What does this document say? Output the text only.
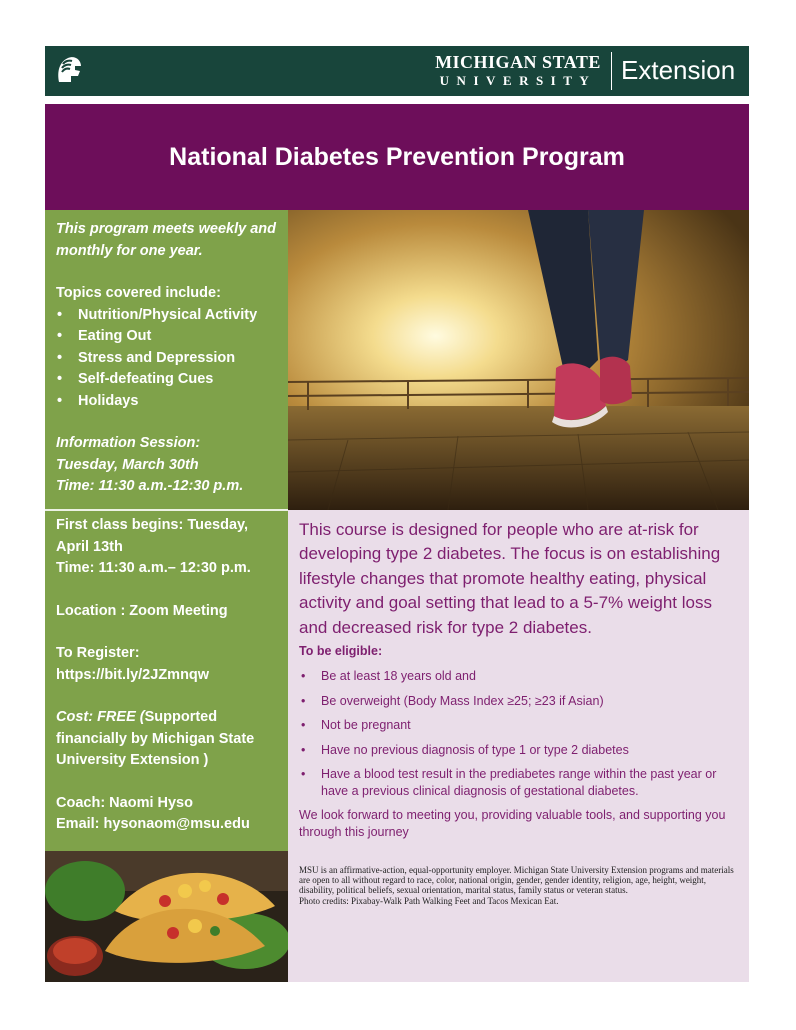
MICHIGAN STATE
UNIVERSITY Extension
National Diabetes Prevention Program
This program meets weekly and monthly for one year.
Topics covered include:
• Nutrition/Physical Activity
• Eating Out
• Stress and Depression
• Self-defeating Cues
• Holidays
Information Session:
Tuesday, March 30th
Time: 11:30 a.m.-12:30 p.m.
First class begins: Tuesday, April 13th
Time: 11:30 a.m.– 12:30 p.m.
Location : Zoom Meeting
To Register:
https://bit.ly/2JZmnqw
Cost: FREE (Supported financially by Michigan State University Extension )
Coach: Naomi Hyso
Email: hysonaom@msu.edu

This course is designed for people who are at-risk for developing type 2 diabetes. The focus is on establishing lifestyle changes that promote healthy eating, physical activity and goal setting that lead to a 5-7% weight loss and decreased risk for type 2 diabetes.

To be eligible:

• Be at least 18 years old and
• Be overweight (Body Mass Index ≥25; ≥23 if Asian)
• Not be pregnant
• Have no previous diagnosis of type 1 or type 2 diabetes
• Have a blood test result in the prediabetes range within the past year or have a previous clinical diagnosis of gestational diabetes.

We look forward to meeting you, providing valuable tools, and supporting you through this journey

MSU is an affirmative-action, equal-opportunity employer. Michigan State University Extension programs and materials are open to all without regard to race, color, national origin, gender, gender identity, religion, age, height, weight, disability, political beliefs, sexual orientation, marital status, family status or veteran status.
Photo credits: Pixabay-Walk Path Walking Feet and Tacos Mexican Eat.
